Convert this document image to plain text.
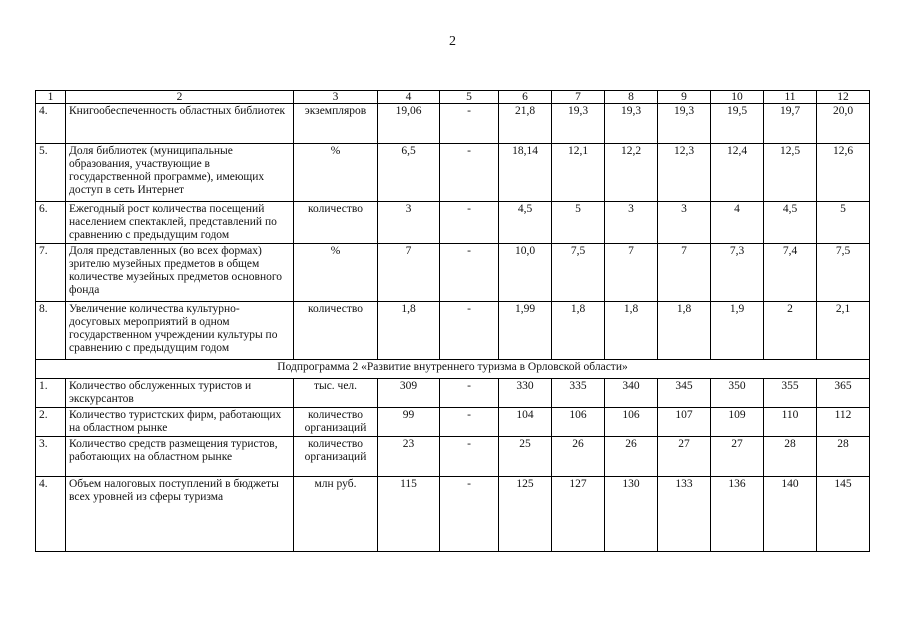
2
1	2	3	4	5	6	7	8	9	10	11	12
4.	Книгообеспеченность областных библиотек	экземпляров	19,06	-	21,8	19,3	19,3	19,3	19,5	19,7	20,0
5.	Доля библиотек (муниципальные образования, участвующие в государственной программе), имеющих доступ в сеть Интернет	%	6,5	-	18,14	12,1	12,2	12,3	12,4	12,5	12,6
6.	Ежегодный рост количества посещений населением спектаклей, представлений по сравнению с предыдущим годом	количество	3	-	4,5	5	3	3	4	4,5	5
7.	Доля представленных (во всех формах) зрителю музейных предметов в общем количестве музейных предметов основного фонда	%	7	-	10,0	7,5	7	7	7,3	7,4	7,5
8.	Увеличение количества культурно-досуговых мероприятий в одном государственном учреждении культуры по сравнению с предыдущим годом	количество	1,8	-	1,99	1,8	1,8	1,8	1,9	2	2,1
Подпрограмма 2 «Развитие внутреннего туризма в Орловской области»											
1.	Количество обслуженных туристов и экскурсантов	тыс. чел.	309	-	330	335	340	345	350	355	365
2.	Количество туристских фирм, работающих на областном рынке	количество организаций	99	-	104	106	106	107	109	110	112
3.	Количество средств размещения туристов, работающих на областном рынке	количество организаций	23	-	25	26	26	27	27	28	28
4.	Объем налоговых поступлений в бюджеты всех уровней из сферы туризма	млн руб.	115	-	125	127	130	133	136	140	145
